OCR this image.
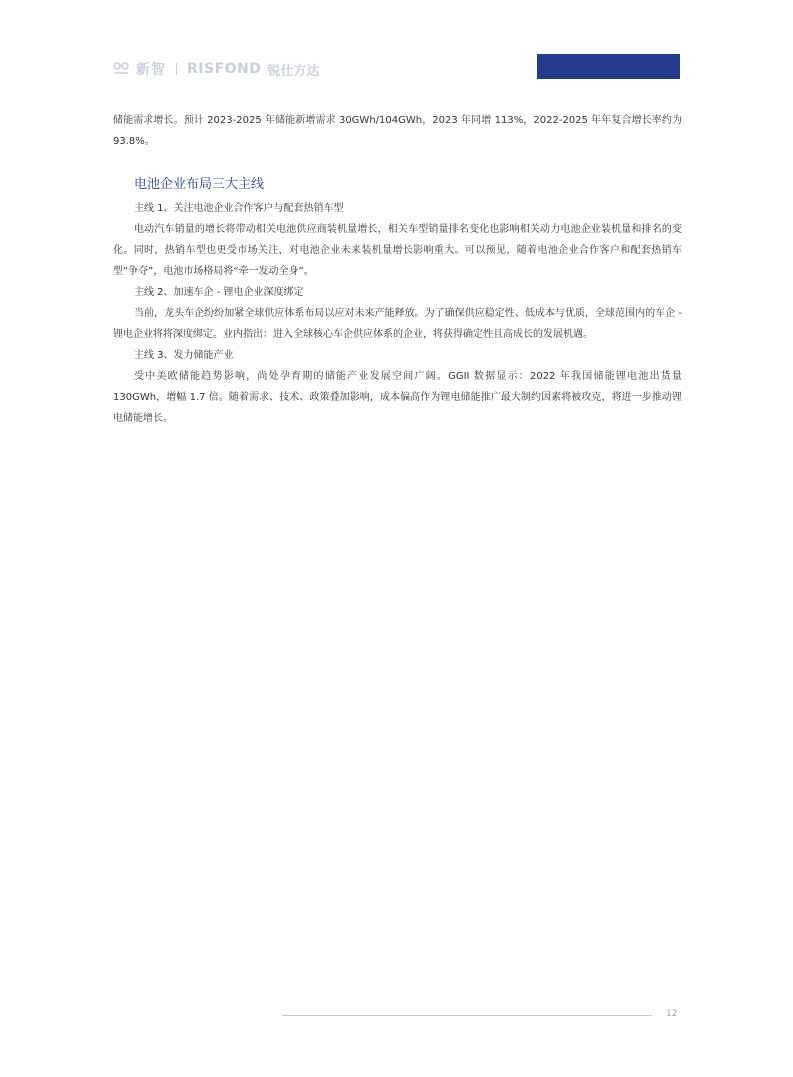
新智 RISFOND 锐仕方达

储能需求增长。预计 2023-2025 年储能新增需求 30GWh/104GWh，2023 年同增 113%，2022-2025 年年复合增长率约为 93.8%。

电池企业布局三大主线

主线 1、关注电池企业合作客户与配套热销车型

电动汽车销量的增长将带动相关电池供应商装机量增长，相关车型销量排名变化也影响相关动力电池企业装机量和排名的变化。同时，热销车型也更受市场关注，对电池企业未来装机量增长影响重大。可以预见，随着电池企业合作客户和配套热销车型“争夺”，电池市场格局将“牵一发动全身”。

主线 2、加速车企 - 锂电企业深度绑定

当前，龙头车企纷纷加紧全球供应体系布局以应对未来产能释放。为了确保供应稳定性、低成本与优质，全球范围内的车企 - 锂电企业将将深度绑定。业内指出：进入全球核心车企供应体系的企业，将获得确定性且高成长的发展机遇。

主线 3、发力储能产业

受中美欧储能趋势影响，尚处孕育期的储能产业发展空间广阔。GGII 数据显示：2022 年我国储能锂电池出货量 130GWh，增幅 1.7 倍。随着需求、技术、政策叠加影响，成本偏高作为锂电储能推广最大制约因素将被攻克，将进一步推动锂电储能增长。

12
